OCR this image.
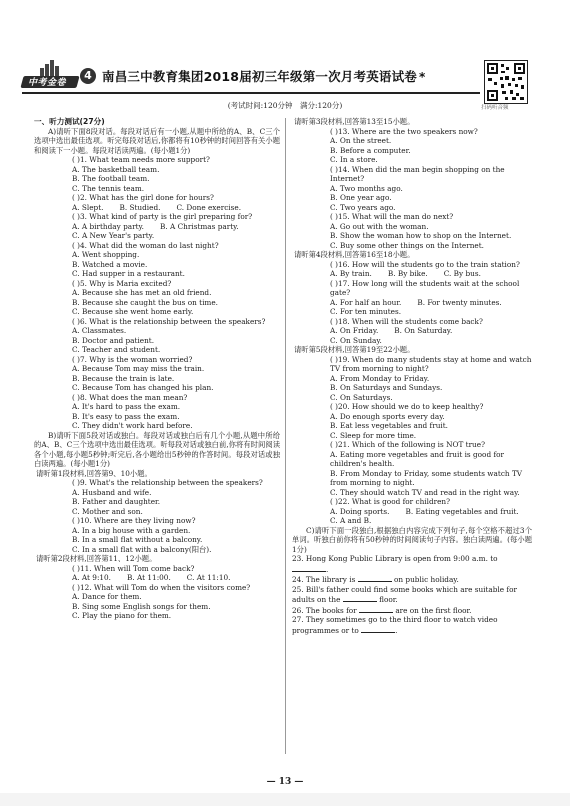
中考金卷
4 南昌三中教育集团2018届初三年级第一次月考英语试卷 *
扫码听音频
(考试时间:120分钟　满分:120分)
一、听力测试(27分)
A)请听下面8段对话。每段对话后有一小题,从题中所给的A、B、C三个选项中选出最佳选项。听完每段对话后,你都将有10秒钟的时间回答有关小题和阅读下一小题。每段对话读两遍。(每小题1分)
( )1. What team needs more support?
A. The basketball team.
B. The football team.
C. The tennis team.
( )2. What has the girl done for hours?
A. Slept. B. Studied. C. Done exercise.
( )3. What kind of party is the girl preparing for?
A. A birthday party. B. A Christmas party.
C. A New Year's party.
( )4. What did the woman do last night?
A. Went shopping.
B. Watched a movie.
C. Had supper in a restaurant.
( )5. Why is Maria excited?
A. Because she has met an old friend.
B. Because she caught the bus on time.
C. Because she went home early.
( )6. What is the relationship between the speakers?
A. Classmates.
B. Doctor and patient.
C. Teacher and student.
( )7. Why is the woman worried?
A. Because Tom may miss the train.
B. Because the train is late.
C. Because Tom has changed his plan.
( )8. What does the man mean?
A. It's hard to pass the exam.
B. It's easy to pass the exam.
C. They didn't work hard before.
B)请听下面5段对话或独白。每段对话或独白后有几个小题,从题中所给的A、B、C三个选项中选出最佳选项。听每段对话或独白前,你将有时间阅读各个小题,每小题5秒钟;听完后,各小题给出5秒钟的作答时间。每段对话或独白读两遍。(每小题1分)
请听第1段材料,回答第9、10小题。
( )9. What's the relationship between the speakers?
A. Husband and wife.
B. Father and daughter.
C. Mother and son.
( )10. Where are they living now?
A. In a big house with a garden.
B. In a small flat without a balcony.
C. In a small flat with a balcony(阳台).
请听第2段材料,回答第11、12小题。
( )11. When will Tom come back?
A. At 9:10. B. At 11:00. C. At 11:10.
( )12. What will Tom do when the visitors come?
A. Dance for them.
B. Sing some English songs for them.
C. Play the piano for them.
请听第3段材料,回答第13至15小题。
( )13. Where are the two speakers now?
A. On the street.
B. Before a computer.
C. In a store.
( )14. When did the man begin shopping on the Internet?
A. Two months ago.
B. One year ago.
C. Two years ago.
( )15. What will the man do next?
A. Go out with the woman.
B. Show the woman how to shop on the Internet.
C. Buy some other things on the Internet.
请听第4段材料,回答第16至18小题。
( )16. How will the students go to the train station?
A. By train. B. By bike. C. By bus.
( )17. How long will the students wait at the school gate?
A. For half an hour. B. For twenty minutes.
C. For ten minutes.
( )18. When will the students come back?
A. On Friday. B. On Saturday.
C. On Sunday.
请听第5段材料,回答第19至22小题。
( )19. When do many students stay at home and watch TV from morning to night?
A. From Monday to Friday.
B. On Saturdays and Sundays.
C. On Saturdays.
( )20. How should we do to keep healthy?
A. Do enough sports every day.
B. Eat less vegetables and fruit.
C. Sleep for more time.
( )21. Which of the following is NOT true?
A. Eating more vegetables and fruit is good for children's health.
B. From Monday to Friday, some students watch TV from morning to night.
C. They should watch TV and read in the right way.
( )22. What is good for children?
A. Doing sports. B. Eating vegetables and fruit.
C. A and B.
C)请听下面一段独白,根据独白内容完成下列句子,每个空格不超过3个单词。听独白前你将有50秒钟的时间阅读句子内容。独白读两遍。(每小题1分)
23. Hong Kong Public Library is open from 9:00 a.m. to .
24. The library is	on public holiday.
25. Bill's father could find some books which are suitable for adults on the	floor.
26. The books for	are on the first floor.
27. They sometimes go to the third floor to watch video programmes or to	.
— 13 —
